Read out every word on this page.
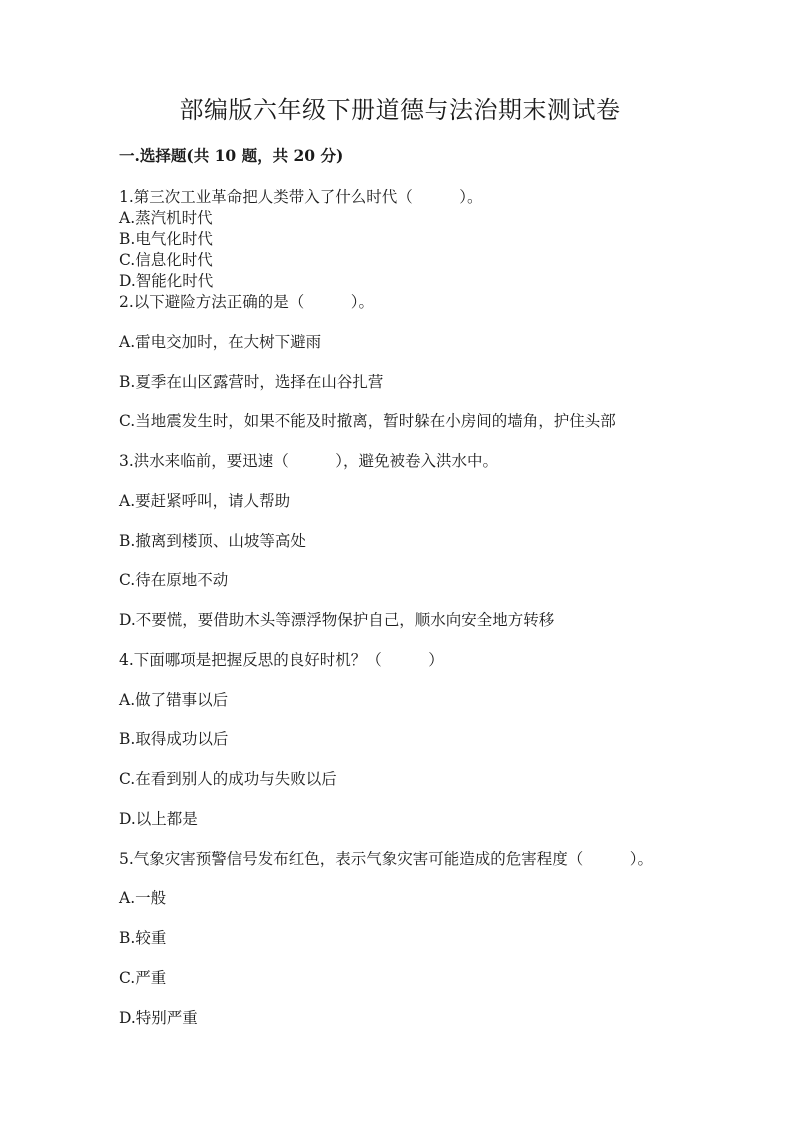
部编版六年级下册道德与法治期末测试卷
一.选择题(共 10 题，共 20 分)
1.第三次工业革命把人类带入了什么时代（　　　）。
A.蒸汽机时代
B.电气化时代
C.信息化时代
D.智能化时代
2.以下避险方法正确的是（　　　）。
A.雷电交加时，在大树下避雨
B.夏季在山区露营时，选择在山谷扎营
C.当地震发生时，如果不能及时撤离，暂时躲在小房间的墙角，护住头部
3.洪水来临前，要迅速（　　　），避免被卷入洪水中。
A.要赶紧呼叫，请人帮助
B.撤离到楼顶、山坡等高处
C.待在原地不动
D.不要慌，要借助木头等漂浮物保护自己，顺水向安全地方转移
4.下面哪项是把握反思的良好时机？（　　　）
A.做了错事以后
B.取得成功以后
C.在看到别人的成功与失败以后
D.以上都是
5.气象灾害预警信号发布红色，表示气象灾害可能造成的危害程度（　　　）。
A.一般
B.较重
C.严重
D.特别严重
